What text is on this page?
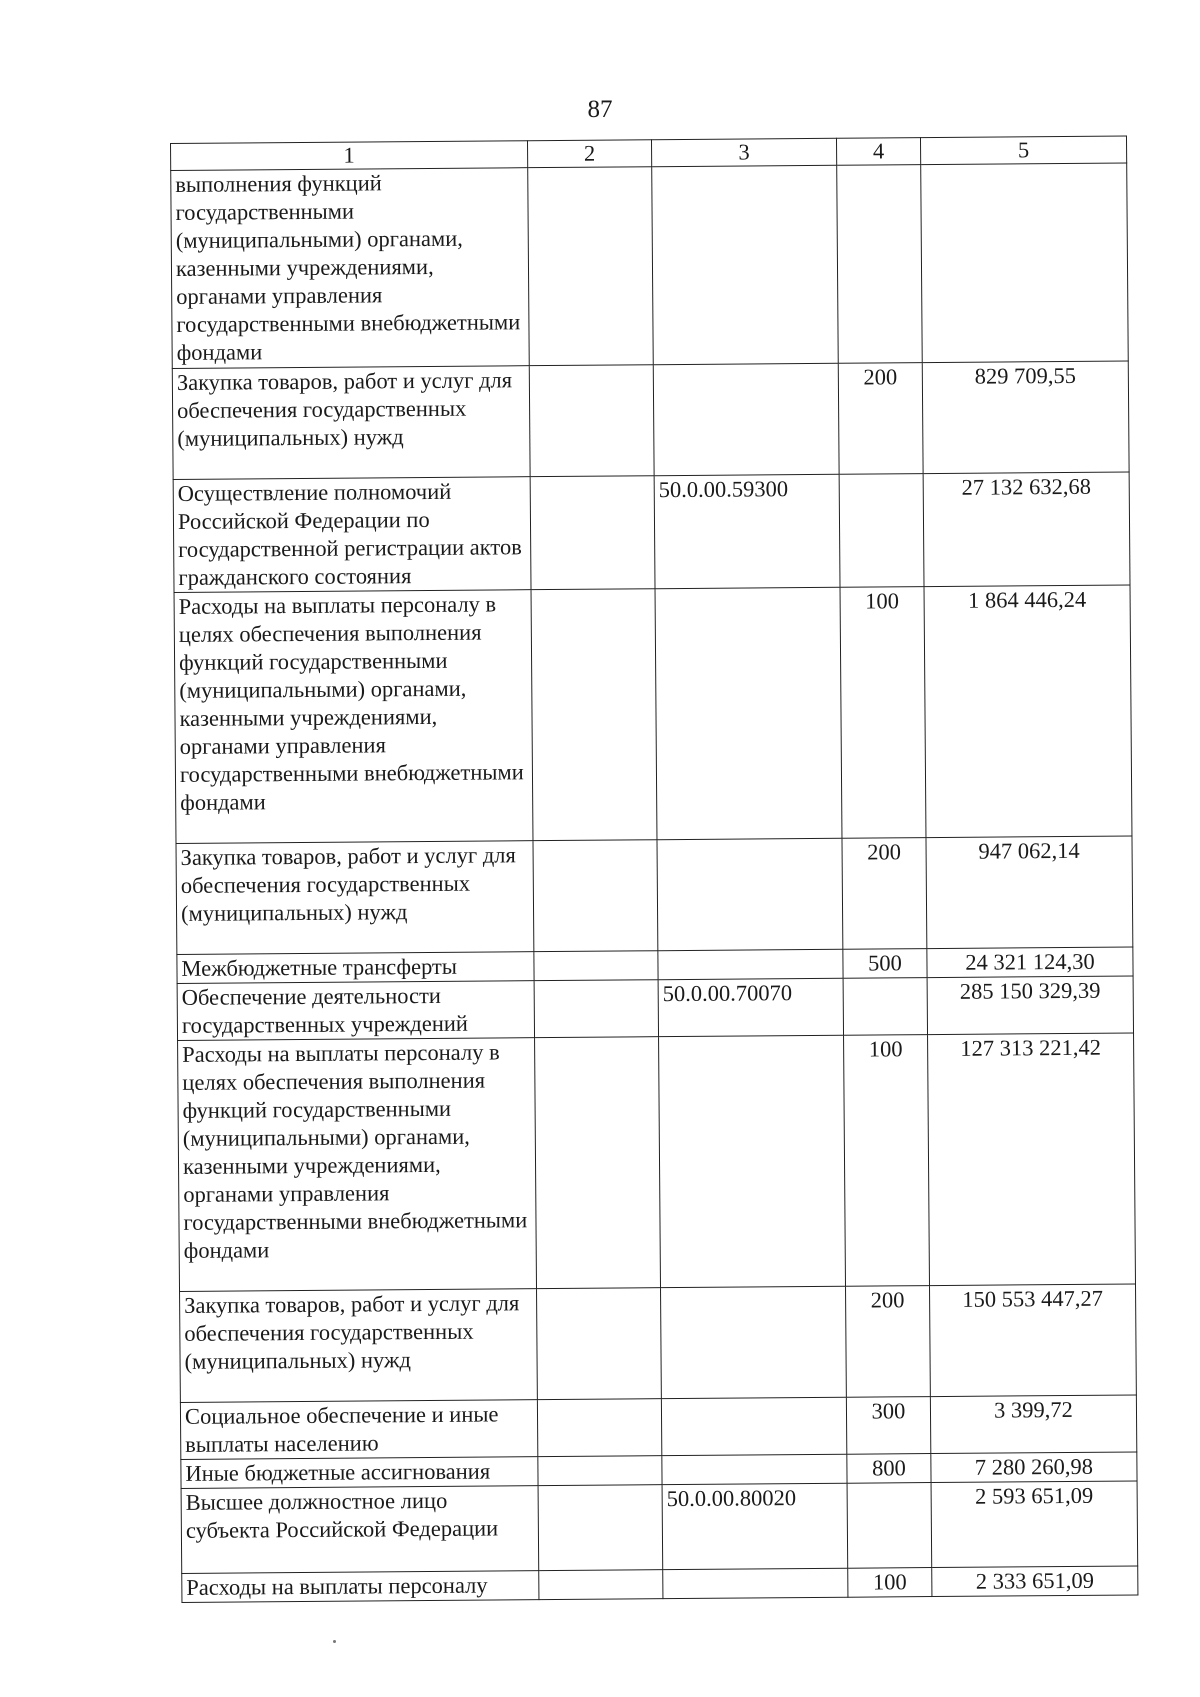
87
1	2	3	4	5
выполнения функций государственными (муниципальными) органами, казенными учреждениями, органами управления государственными внебюджетными фондами				
Закупка товаров, работ и услуг для обеспечения государственных (муниципальных) нужд			200	829 709,55
Осуществление полномочий Российской Федерации по государственной регистрации актов гражданского состояния		50.0.00.59300		27 132 632,68
Расходы на выплаты персоналу в целях обеспечения выполнения функций государственными (муниципальными) органами, казенными учреждениями, органами управления государственными внебюджетными фондами			100	1 864 446,24
Закупка товаров, работ и услуг для обеспечения государственных (муниципальных) нужд			200	947 062,14
Межбюджетные трансферты			500	24 321 124,30
Обеспечение деятельности государственных учреждений		50.0.00.70070		285 150 329,39
Расходы на выплаты персоналу в целях обеспечения выполнения функций государственными (муниципальными) органами, казенными учреждениями, органами управления государственными внебюджетными фондами			100	127 313 221,42
Закупка товаров, работ и услуг для обеспечения государственных (муниципальных) нужд			200	150 553 447,27
Социальное обеспечение и иные выплаты населению			300	3 399,72
Иные бюджетные ассигнования			800	7 280 260,98
Высшее должностное лицо субъекта Российской Федерации		50.0.00.80020		2 593 651,09
Расходы на выплаты персоналу			100	2 333 651,09
